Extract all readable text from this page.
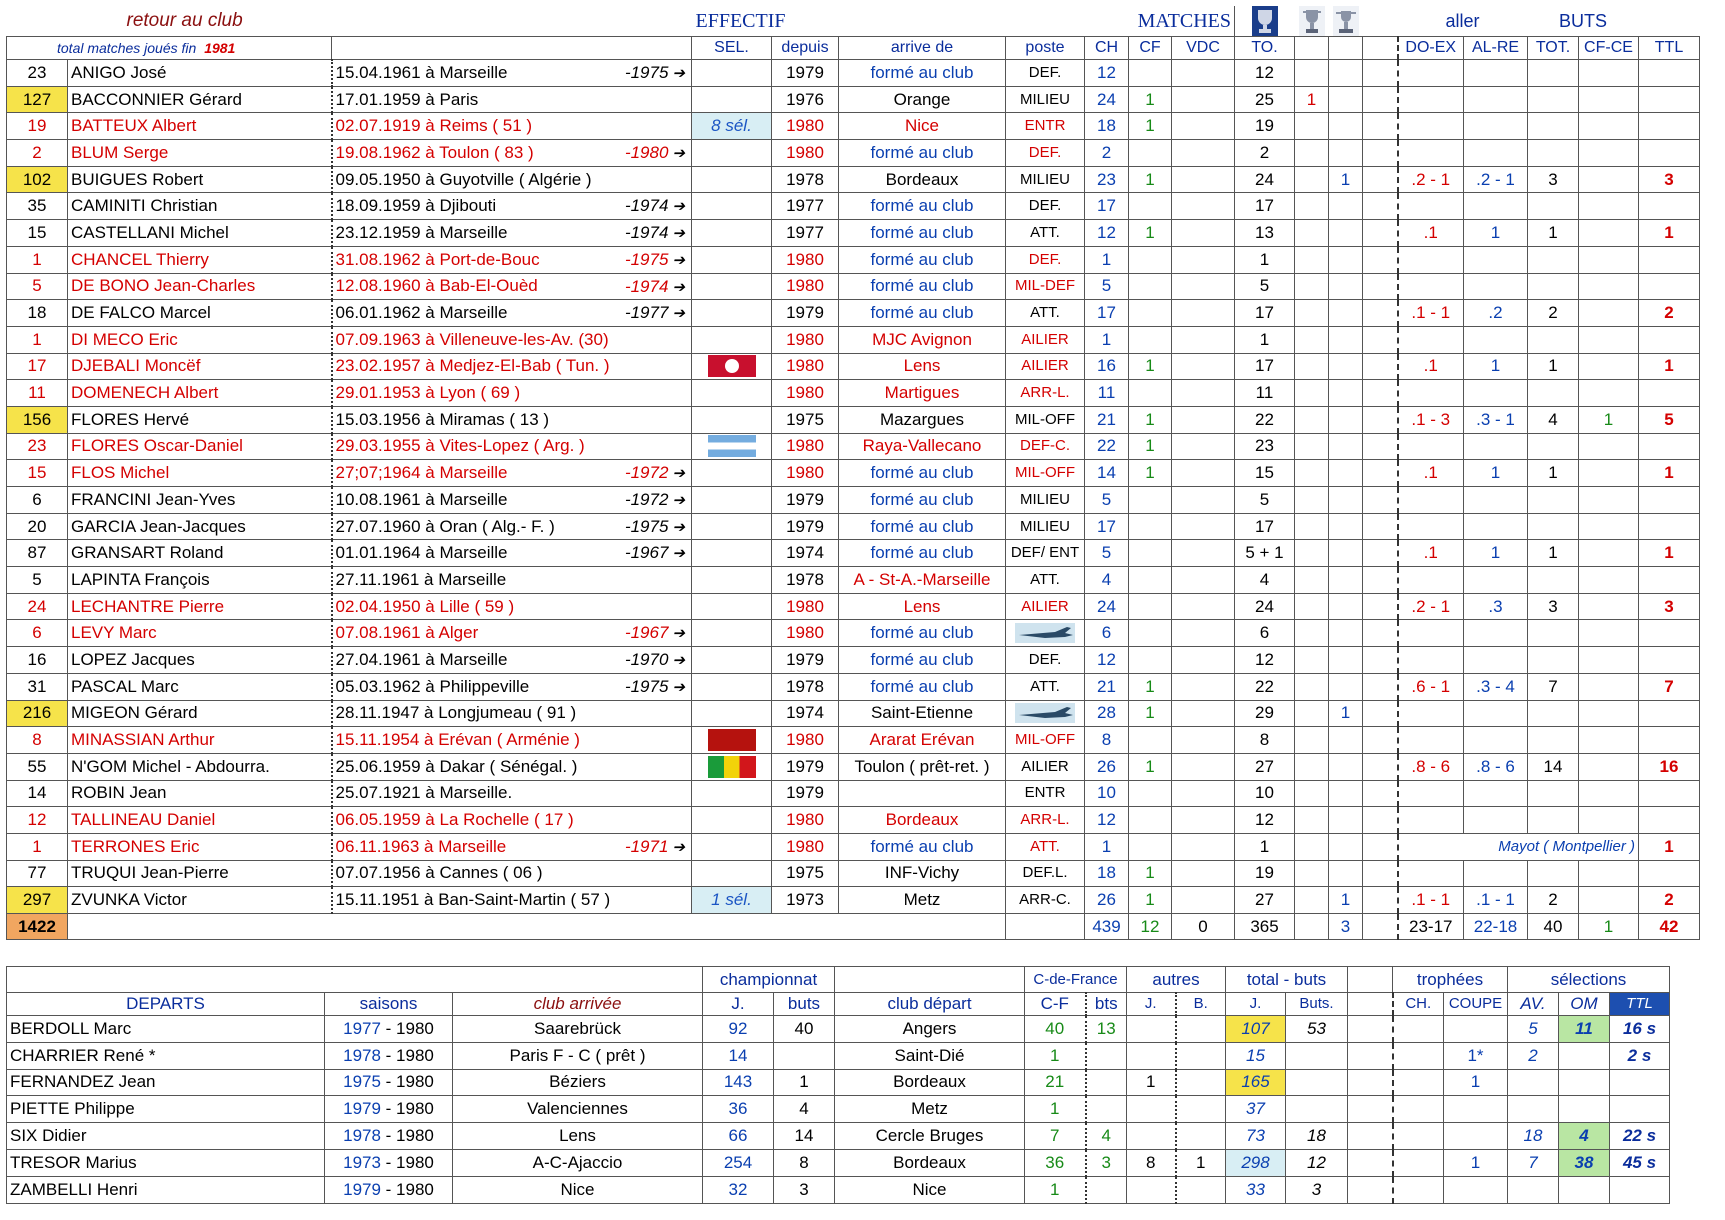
retour au club			EFFECTIF			MATCHES								aller		BUTS		
total matches joués fin 1981			SEL.	depuis	arrive de	poste	CH	CF	VDC	TO.				DO-EX	AL-RE	TOT.	CF-CE	TTL
23	ANIGO José	15.04.1961 à Marseille -1975 ➔		1979	formé au club	DEF.	12			12								
127	BACCONNIER Gérard	17.01.1959 à Paris		1976	Orange	MILIEU	24	1		25	1							
19	BATTEUX Albert	02.07.1919 à Reims ( 51 )	8 sél.	1980	Nice	ENTR	18	1		19								
2	BLUM Serge	19.08.1962 à Toulon ( 83 ) -1980 ➔		1980	formé au club	DEF.	2			2								
102	BUIGUES Robert	09.05.1950 à Guyotville ( Algérie )		1978	Bordeaux	MILIEU	23	1		24		1		.2 - 1	.2 - 1	3		3
35	CAMINITI Christian	18.09.1959 à Djibouti -1974 ➔		1977	formé au club	DEF.	17			17								
15	CASTELLANI Michel	23.12.1959 à Marseille -1974 ➔		1977	formé au club	ATT.	12	1		13				.1	1	1		1
1	CHANCEL Thierry	31.08.1962 à Port-de-Bouc -1975 ➔		1980	formé au club	DEF.	1			1								
5	DE BONO Jean-Charles	12.08.1960 à Bab-El-Ouèd -1974 ➔		1980	formé au club	MIL-DEF	5			5								
18	DE FALCO Marcel	06.01.1962 à Marseille -1977 ➔		1979	formé au club	ATT.	17			17				.1 - 1	.2	2		2
1	DI MECO Eric	07.09.1963 à Villeneuve-les-Av. (30)		1980	MJC Avignon	AILIER	1			1								
17	DJEBALI Moncëf	23.02.1957 à Medjez-El-Bab ( Tun. )		1980	Lens	AILIER	16	1		17				.1	1	1		1
11	DOMENECH Albert	29.01.1953 à Lyon ( 69 )		1980	Martigues	ARR-L.	11			11								
156	FLORES Hervé	15.03.1956 à Miramas ( 13 )		1975	Mazargues	MIL-OFF	21	1		22				.1 - 3	.3 - 1	4	1	5
23	FLORES Oscar-Daniel	29.03.1955 à Vites-Lopez ( Arg. )		1980	Raya-Vallecano	DEF-C.	22	1		23								
15	FLOS Michel	27;07;1964 à Marseille -1972 ➔		1980	formé au club	MIL-OFF	14	1		15				.1	1	1		1
6	FRANCINI Jean-Yves	10.08.1961 à Marseille -1972 ➔		1979	formé au club	MILIEU	5			5								
20	GARCIA Jean-Jacques	27.07.1960 à Oran ( Alg.- F. ) -1975 ➔		1979	formé au club	MILIEU	17			17								
87	GRANSART Roland	01.01.1964 à Marseille -1967 ➔		1974	formé au club	DEF/ ENT	5			5 + 1				.1	1	1		1
5	LAPINTA François	27.11.1961 à Marseille		1978	A - St-A.-Marseille	ATT.	4			4								
24	LECHANTRE Pierre	02.04.1950 à Lille ( 59 )		1980	Lens	AILIER	24			24				.2 - 1	.3	3		3
6	LEVY Marc	07.08.1961 à Alger -1967 ➔		1980	formé au club		6			6								
16	LOPEZ Jacques	27.04.1961 à Marseille -1970 ➔		1979	formé au club	DEF.	12			12								
31	PASCAL Marc	05.03.1962 à Philippeville -1975 ➔		1978	formé au club	ATT.	21	1		22				.6 - 1	.3 - 4	7		7
216	MIGEON Gérard	28.11.1947 à Longjumeau ( 91 )		1974	Saint-Etienne		28	1		29		1						
8	MINASSIAN Arthur	15.11.1954 à Erévan ( Arménie )		1980	Ararat Erévan	MIL-OFF	8			8								
55	N'GOM Michel - Abdourra.	25.06.1959 à Dakar ( Sénégal. )		1979	Toulon ( prêt-ret. )	AILIER	26	1		27				.8 - 6	.8 - 6	14		16
14	ROBIN Jean	25.07.1921 à Marseille.		1979		ENTR	10			10								
12	TALLINEAU Daniel	06.05.1959 à La Rochelle ( 17 )		1980	Bordeaux	ARR-L.	12			12								
1	TERRONES Eric	06.11.1963 à Marseille -1971 ➔		1980	formé au club	ATT.	1			1				Mayot ( Montpellier )				1
77	TRUQUI Jean-Pierre	07.07.1956 à Cannes ( 06 )		1975	INF-Vichy	DEF.L.	18	1		19								
297	ZVUNKA Victor	15.11.1951 à Ban-Saint-Martin ( 57 )	1 sél.	1973	Metz	ARR-C.	26	1		27		1		.1 - 1	.1 - 1	2		2
1422							439	12	0	365		3		23-17	22-18	40	1	42
			championnat			C-de-France		autres		total - buts			trophées		sélections		
DEPARTS	saisons	club arrivée	J.	buts	club départ	C-F	bts	J.	B.	J.	Buts.		CH.	COUPE	AV.	OM	TTL
BERDOLL Marc	1977 - 1980	Saarebrück	92	40	Angers	40	13			107	53				5	11	16 s
CHARRIER René *	1978 - 1980	Paris F - C ( prêt )	14		Saint-Dié	1				15				1*	2		2 s
FERNANDEZ Jean	1975 - 1980	Béziers	143	1	Bordeaux	21		1		165				1			
PIETTE Philippe	1979 - 1980	Valenciennes	36	4	Metz	1				37							
SIX Didier	1978 - 1980	Lens	66	14	Cercle Bruges	7	4			73	18				18	4	22 s
TRESOR Marius	1973 - 1980	A-C-Ajaccio	254	8	Bordeaux	36	3	8	1	298	12			1	7	38	45 s
ZAMBELLI Henri	1979 - 1980	Nice	32	3	Nice	1				33	3						
